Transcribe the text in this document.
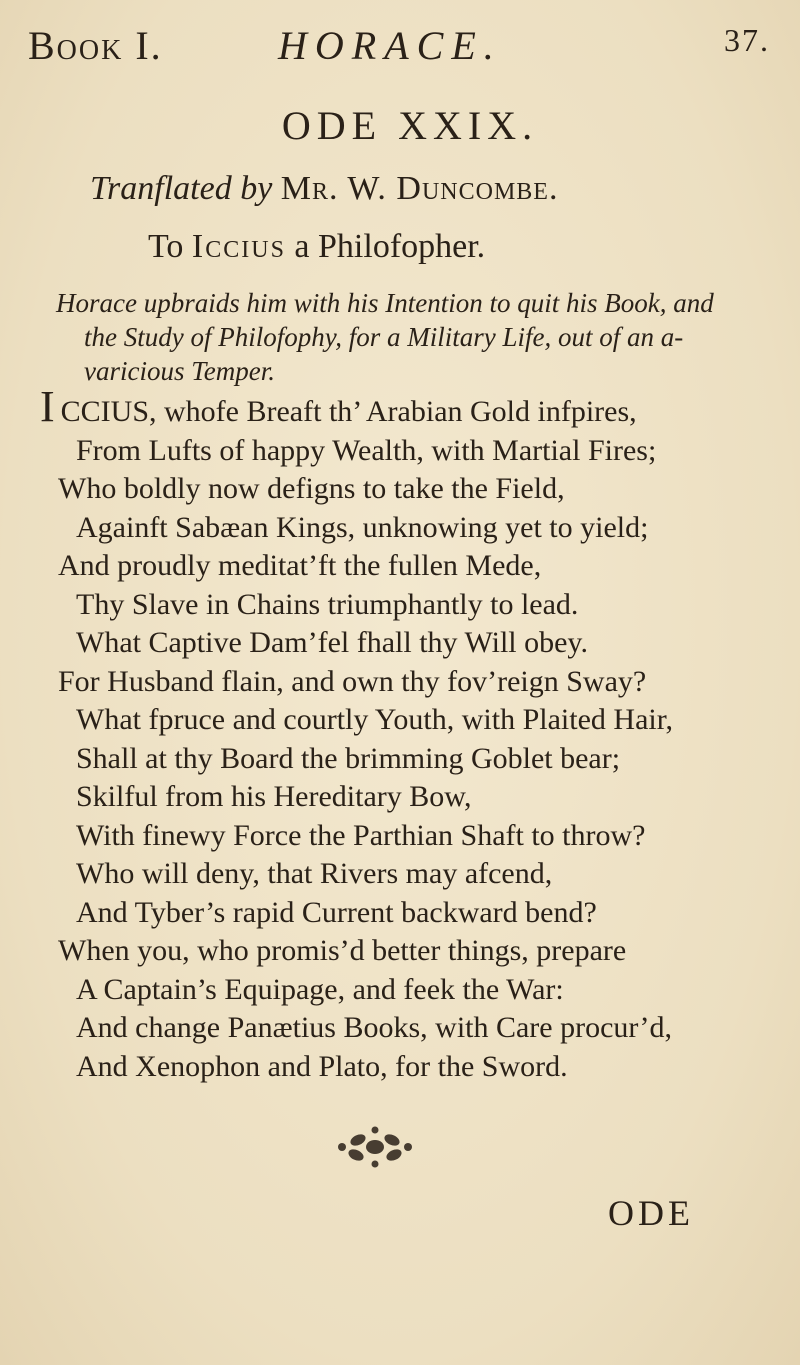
Book I.	HORACE.	37.
ODE XXIX.
Tranflated by Mr. W. Duncombe.
To Iccius a Philofopher.
Horace upbraids him with his Intention to quit his Book, and
the Study of Philofophy, for a Military Life, out of an a-
varicious Temper.
I CCIUS, whofe Breaft th’ Arabian Gold infpires,
From Lufts of happy Wealth, with Martial Fires;
Who boldly now defigns to take the Field,
Againft Sabæan Kings, unknowing yet to yield;
And proudly meditat’ft the fullen Mede,
Thy Slave in Chains triumphantly to lead.
What Captive Dam’fel fhall thy Will obey.
For Husband flain, and own thy fov’reign Sway?
What fpruce and courtly Youth, with Plaited Hair,
Shall at thy Board the brimming Goblet bear;
Skilful from his Hereditary Bow,
With finewy Force the Parthian Shaft to throw?
Who will deny, that Rivers may afcend,
And Tyber’s rapid Current backward bend?
When you, who promis’d better things, prepare
A Captain’s Equipage, and feek the War:
And change Panætius Books, with Care procur’d,
And Xenophon and Plato, for the Sword.
ODE
